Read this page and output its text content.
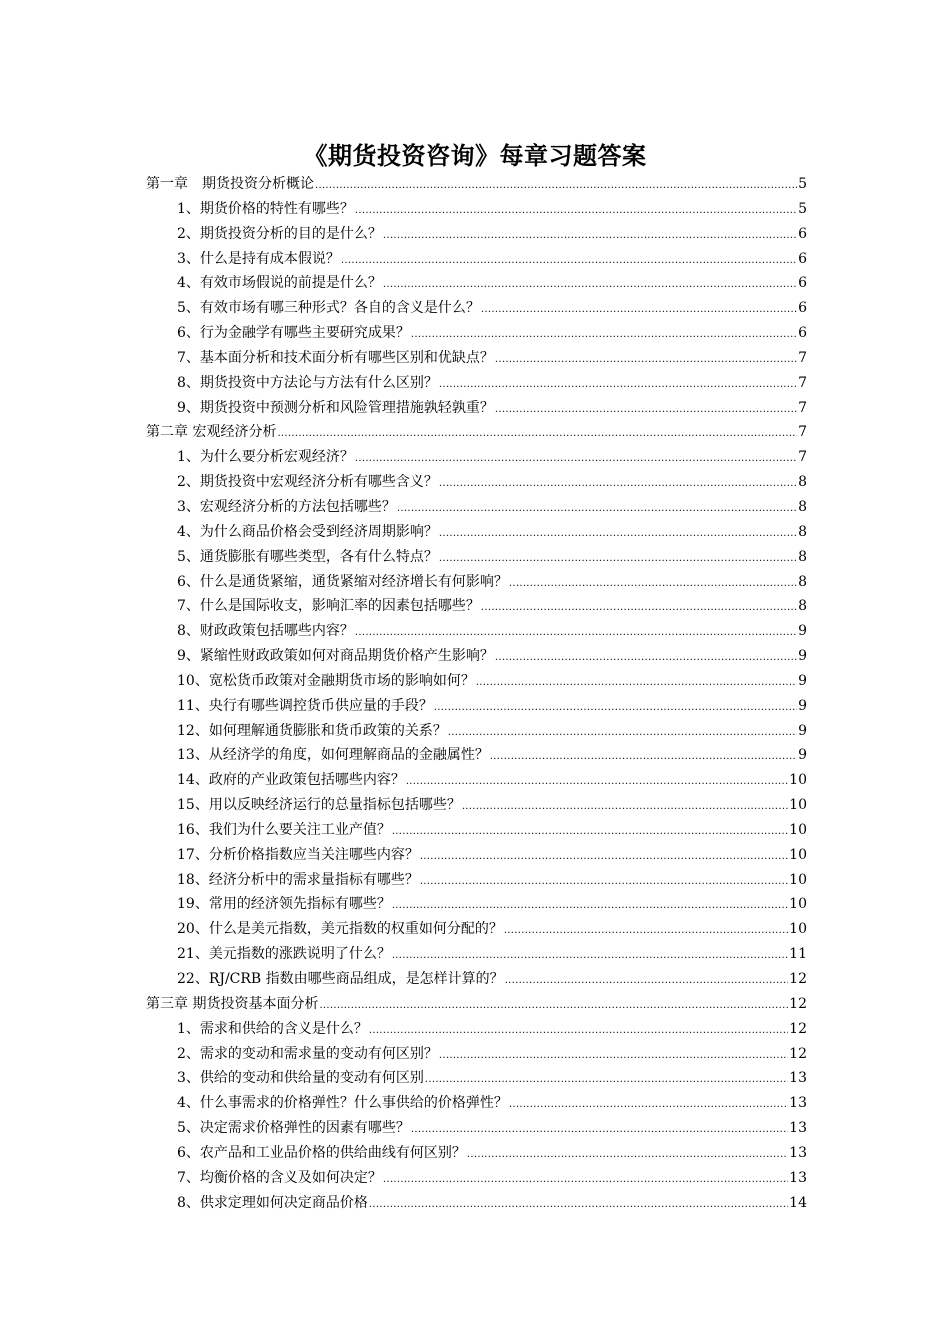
《期货投资咨询》每章习题答案
第一章　期货投资分析概论 .....	5
1、期货价格的特性有哪些？ .....	5
2、期货投资分析的目的是什么？ .....	6
3、什么是持有成本假说？ .....	6
4、有效市场假说的前提是什么？ .....	6
5、有效市场有哪三种形式？各自的含义是什么？ .....	6
6、行为金融学有哪些主要研究成果？ .....	6
7、基本面分析和技术面分析有哪些区别和优缺点？ .....	7
8、期货投资中方法论与方法有什么区别？ .....	7
9、期货投资中预测分析和风险管理措施孰轻孰重？ .....	7
第二章 宏观经济分析 .....	7
1、为什么要分析宏观经济？ .....	7
2、期货投资中宏观经济分析有哪些含义？ .....	8
3、宏观经济分析的方法包括哪些？ .....	8
4、为什么商品价格会受到经济周期影响？ .....	8
5、通货膨胀有哪些类型，各有什么特点？ .....	8
6、什么是通货紧缩，通货紧缩对经济增长有何影响？ .....	8
7、什么是国际收支，影响汇率的因素包括哪些？ .....	8
8、财政政策包括哪些内容？ .....	9
9、紧缩性财政政策如何对商品期货价格产生影响？ .....	9
10、宽松货币政策对金融期货市场的影响如何？ .....	9
11、央行有哪些调控货币供应量的手段？ .....	9
12、如何理解通货膨胀和货币政策的关系？ .....	9
13、从经济学的角度，如何理解商品的金融属性？ .....	9
14、政府的产业政策包括哪些内容？ .....	10
15、用以反映经济运行的总量指标包括哪些？ .....	10
16、我们为什么要关注工业产值？ .....	10
17、分析价格指数应当关注哪些内容？ .....	10
18、经济分析中的需求量指标有哪些？ .....	10
19、常用的经济领先指标有哪些？ .....	10
20、什么是美元指数，美元指数的权重如何分配的？ .....	10
21、美元指数的涨跌说明了什么？ .....	11
22、RJ/CRB 指数由哪些商品组成，是怎样计算的？ .....	12
第三章 期货投资基本面分析 .....	12
1、需求和供给的含义是什么？ .....	12
2、需求的变动和需求量的变动有何区别？ .....	12
3、供给的变动和供给量的变动有何区别 .....	13
4、什么事需求的价格弹性？什么事供给的价格弹性？ .....	13
5、决定需求价格弹性的因素有哪些？ .....	13
6、农产品和工业品价格的供给曲线有何区别？ .....	13
7、均衡价格的含义及如何决定？ .....	13
8、供求定理如何决定商品价格 .....	14
